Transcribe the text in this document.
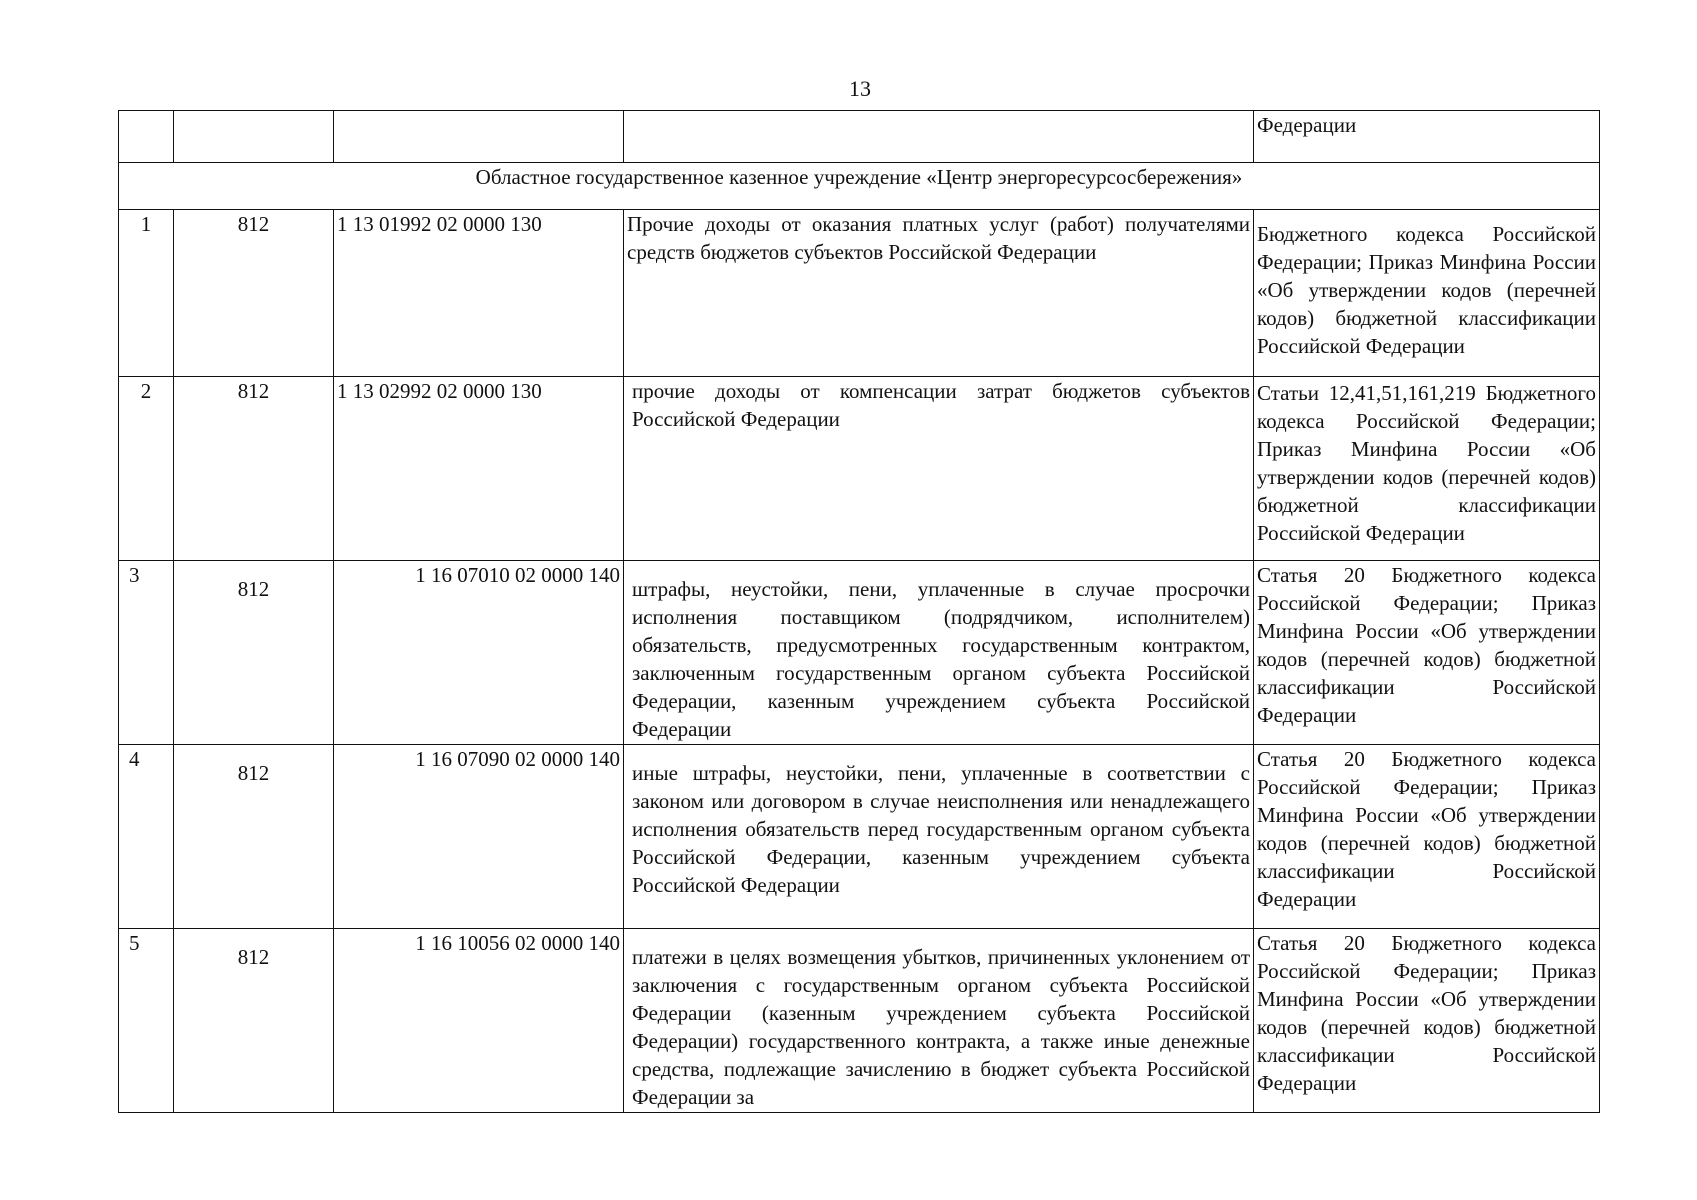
13
				Федерации
Областное государственное казенное учреждение «Центр энергоресурсосбережения»				
1	812	1 13 01992 02 0000 130	Прочие доходы от оказания платных услуг (работ) получателями средств бюджетов субъектов Российской Федерации	Бюджетного кодекса Российской Федерации; Приказ Минфина России «Об утверждении кодов (перечней кодов) бюджетной классификации Российской Федерации
2	812	1 13 02992 02 0000 130	прочие доходы от компенсации затрат бюджетов субъектов Российской Федерации	Статьи 12,41,51,161,219 Бюджетного кодекса Российской Федерации; Приказ Минфина России «Об утверждении кодов (перечней кодов) бюджетной классификации Российской Федерации
3	812	1 16 07010 02 0000 140	штрафы, неустойки, пени, уплаченные в случае просрочки исполнения поставщиком (подрядчиком, исполнителем) обязательств, предусмотренных государственным контрактом, заключенным государственным органом субъекта Российской Федерации, казенным учреждением субъекта Российской Федерации	Статья 20 Бюджетного кодекса Российской Федерации; Приказ Минфина России «Об утверждении кодов (перечней кодов) бюджетной классификации Российской Федерации
4	812	1 16 07090 02 0000 140	иные штрафы, неустойки, пени, уплаченные в соответствии с законом или договором в случае неисполнения или ненадлежащего исполнения обязательств перед государственным органом субъекта Российской Федерации, казенным учреждением субъекта Российской Федерации	Статья 20 Бюджетного кодекса Российской Федерации; Приказ Минфина России «Об утверждении кодов (перечней кодов) бюджетной классификации Российской Федерации
5	812	1 16 10056 02 0000 140	платежи в целях возмещения убытков, причиненных уклонением от заключения с государственным органом субъекта Российской Федерации (казенным учреждением субъекта Российской Федерации) государственного контракта, а также иные денежные средства, подлежащие зачислению в бюджет субъекта Российской Федерации за	Статья 20 Бюджетного кодекса Российской Федерации; Приказ Минфина России «Об утверждении кодов (перечней кодов) бюджетной классификации Российской Федерации
